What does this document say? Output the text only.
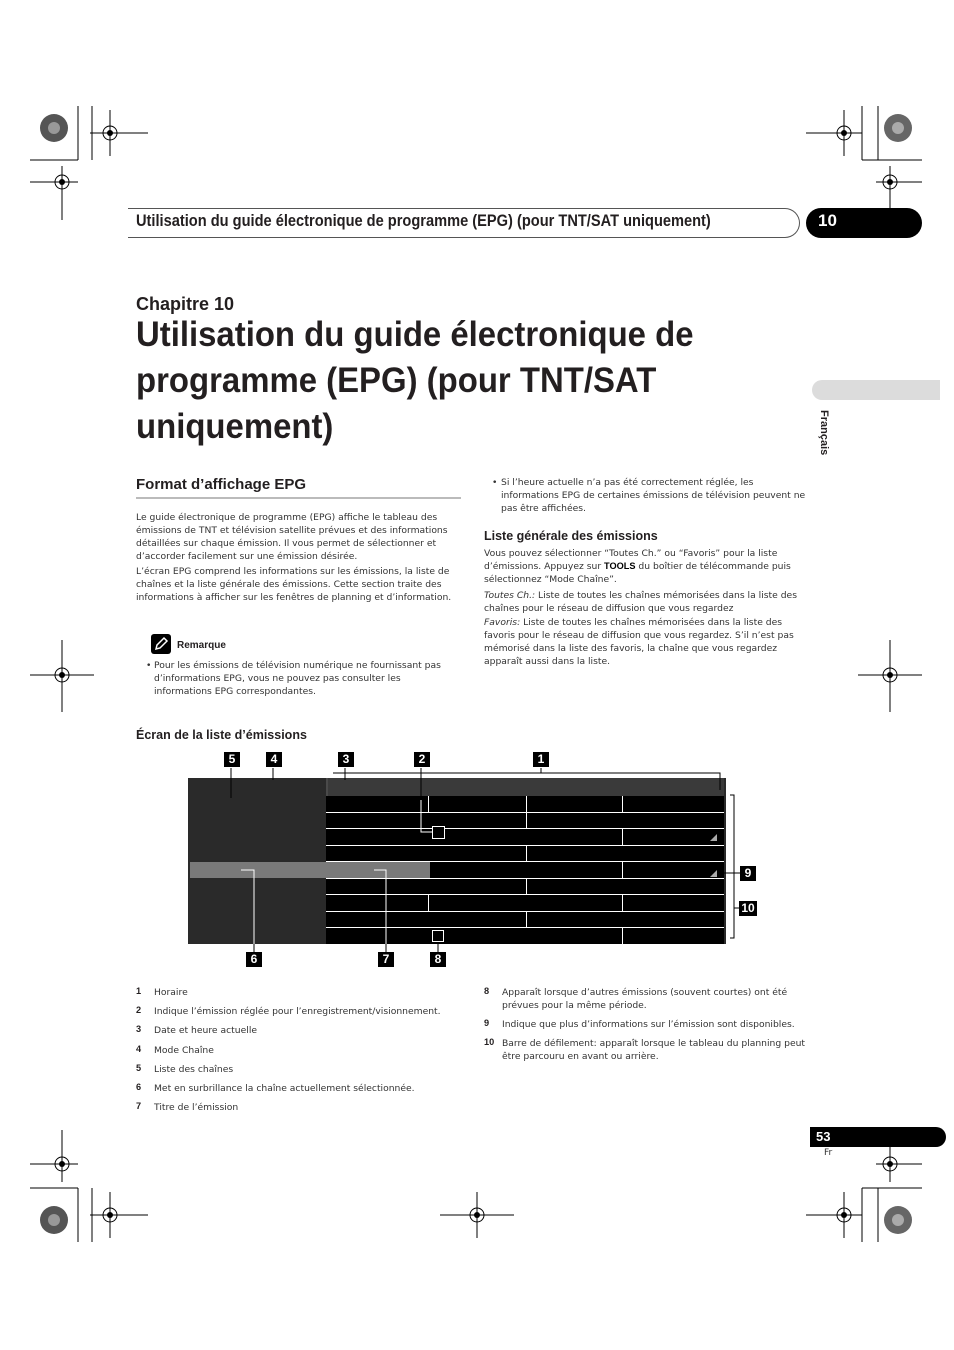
Utilisation du guide électronique de programme (EPG) (pour TNT/SAT uniquement)	10
Chapitre 10
Utilisation du guide électronique de programme (EPG) (pour TNT/SAT uniquement)	Français
Format d’affichage EPG
Le guide électronique de programme (EPG) affiche le tableau des émissions de TNT et télévision satellite prévues et des informations détaillées sur chaque émission. Il vous permet de sélectionner et d’accorder facilement sur une émission désirée.
L’écran EPG comprend les informations sur les émissions, la liste de chaînes et la liste générale des émissions. Cette section traite des informations à afficher sur les fenêtres de planning et d’information.
Remarque
• Pour les émissions de télévision numérique ne fournissant pas d’informations EPG, vous ne pouvez pas consulter les informations EPG correspondantes.
• Si l’heure actuelle n’a pas été correctement réglée, les informations EPG de certaines émissions de télévision peuvent ne pas être affichées.
Liste générale des émissions
Vous pouvez sélectionner “Toutes Ch.” ou “Favoris” pour la liste d’émissions. Appuyez sur TOOLS du boîtier de télécommande puis sélectionnez “Mode Chaîne”.
Toutes Ch.: Liste de toutes les chaînes mémorisées dans la liste des chaînes pour le réseau de diffusion que vous regardez
Favoris: Liste de toutes les chaînes mémorisées dans la liste des favoris pour le réseau de diffusion que vous regardez. S’il n’est pas mémorisé dans la liste des favoris, la chaîne que vous regardez apparaît aussi dans la liste.
Écran de la liste d’émissions
5	4	3	2	1
9
10
6	7	8
1 Horaire
2 Indique l’émission réglée pour l’enregistrement/visionnement.
3 Date et heure actuelle
4 Mode Chaîne
5 Liste des chaînes
6 Met en surbrillance la chaîne actuellement sélectionnée.
7 Titre de l’émission
8 Apparaît lorsque d’autres émissions (souvent courtes) ont été prévues pour la même période.
9 Indique que plus d’informations sur l’émission sont disponibles.
10 Barre de défilement: apparaît lorsque le tableau du planning peut être parcouru en avant ou arrière.
53
Fr
